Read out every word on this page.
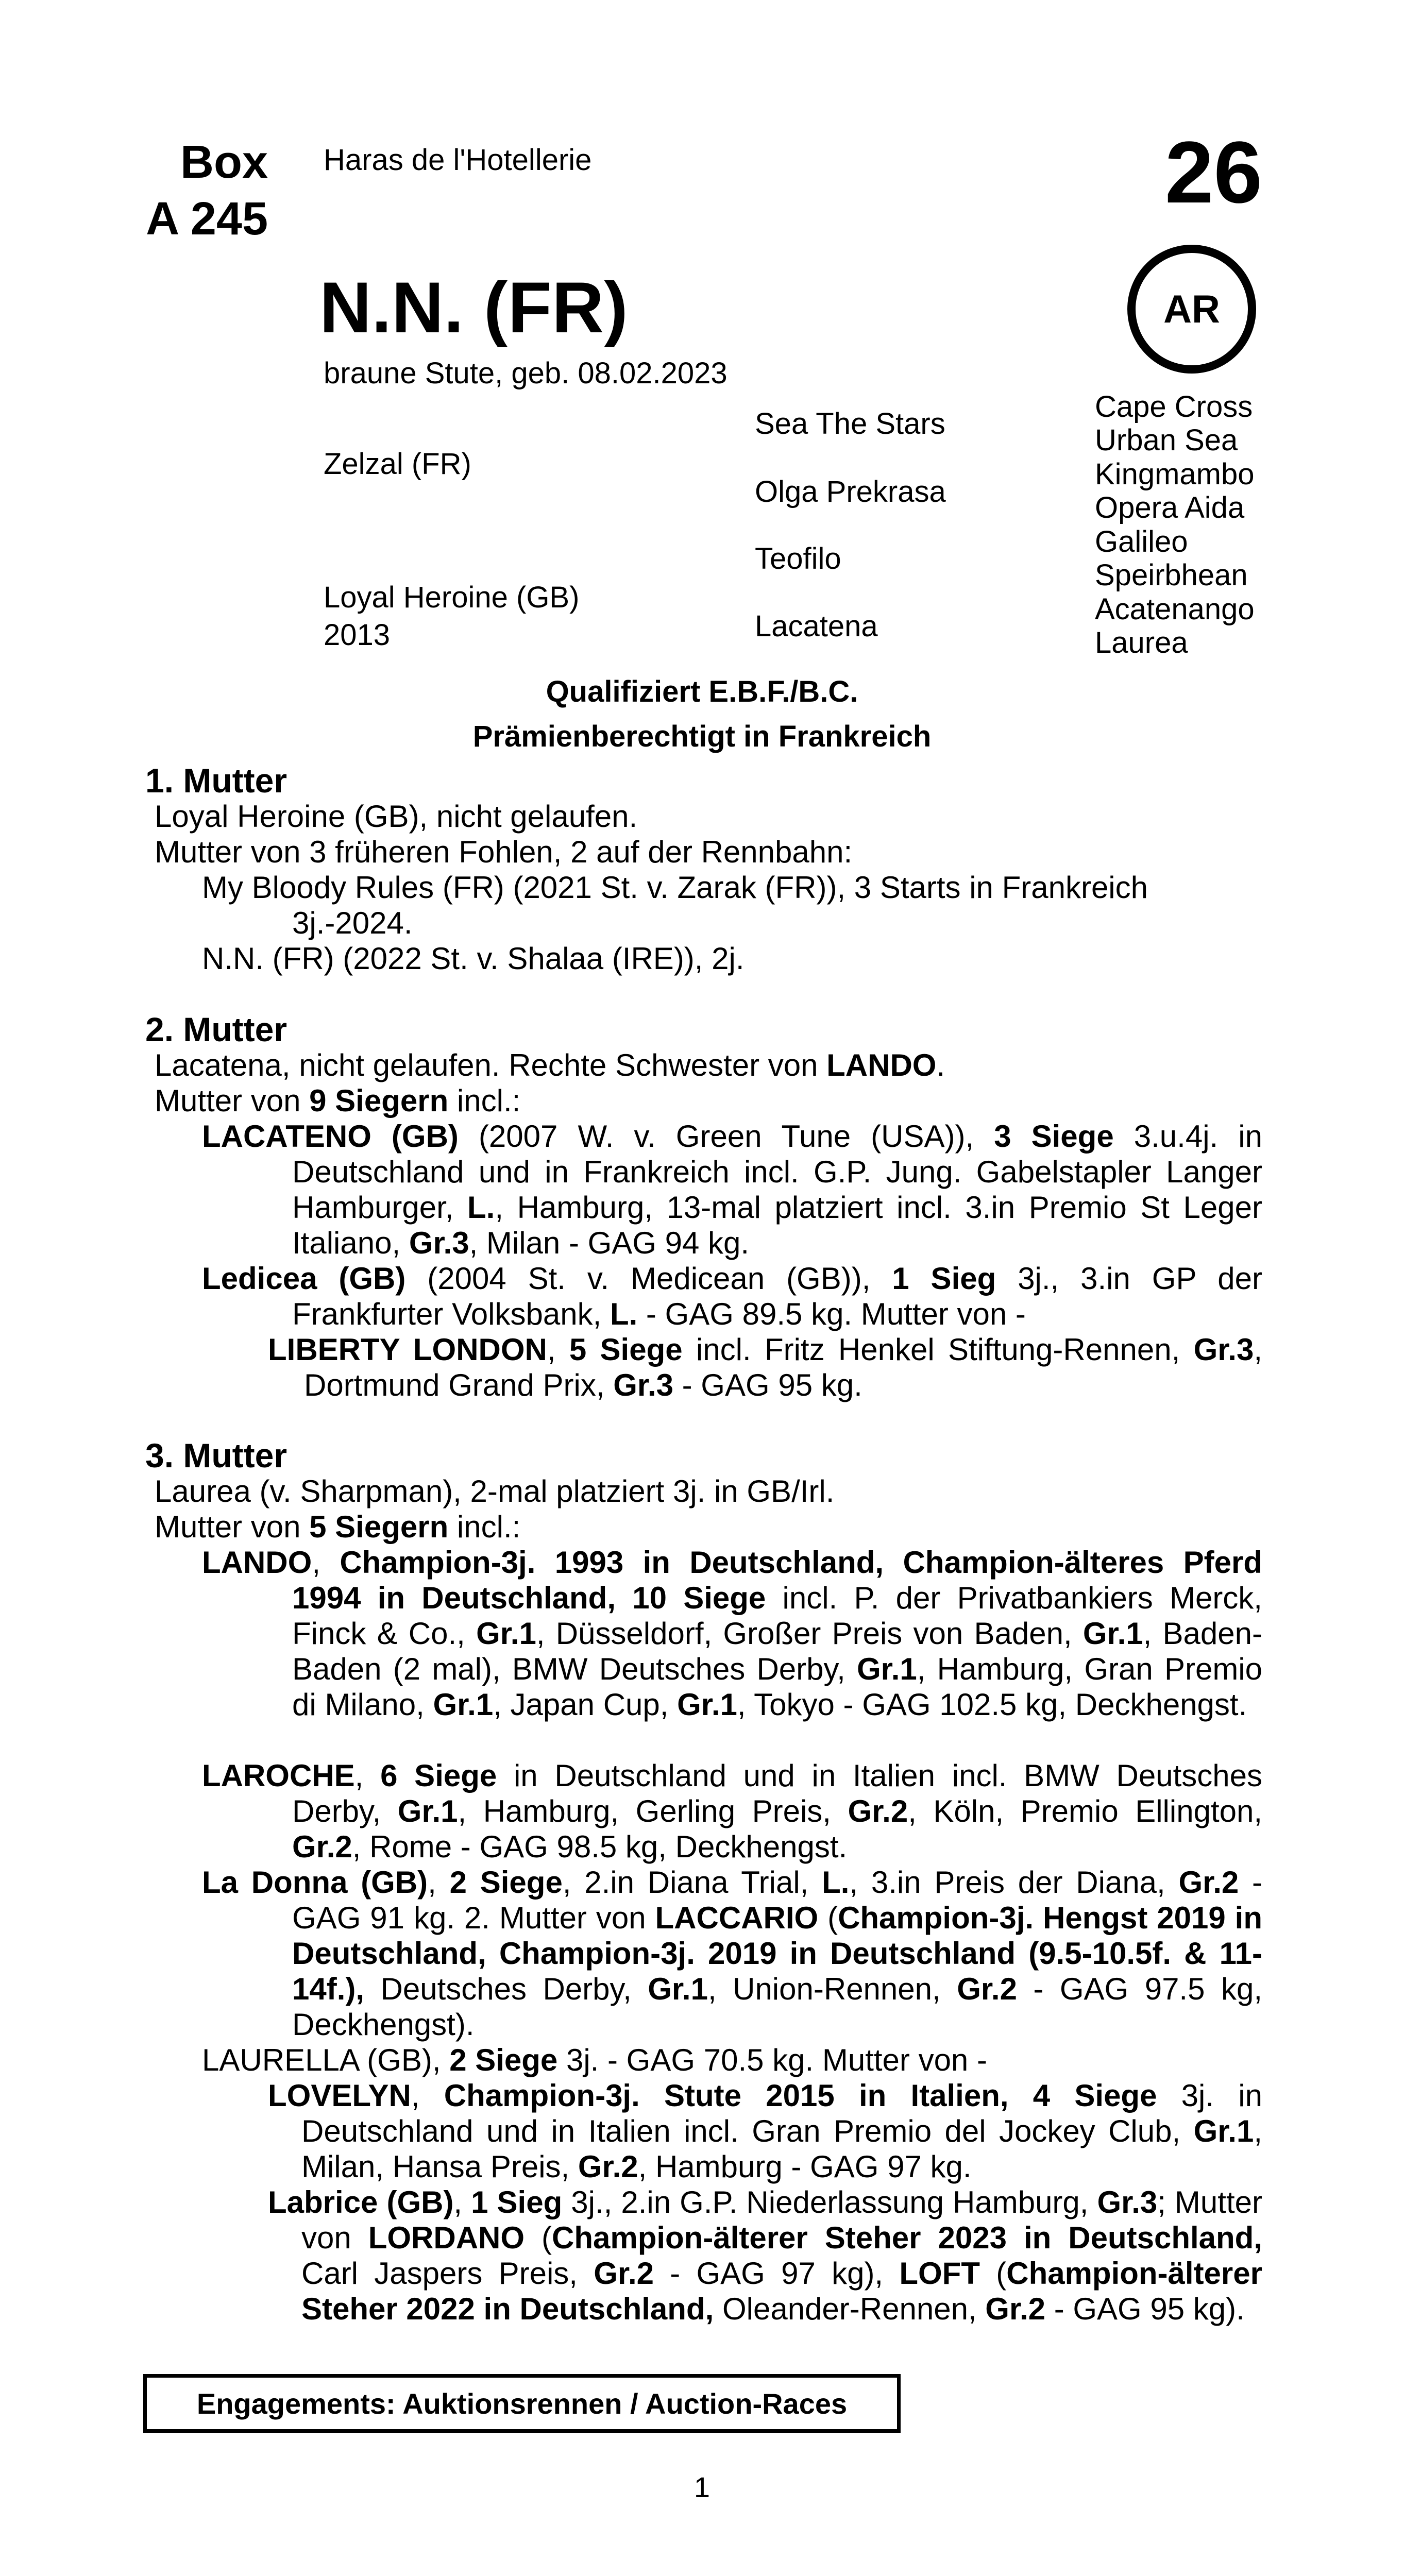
Box
A 245
Haras de l'Hotellerie	26
AR
N.N. (FR)
braune Stute, geb. 08.02.2023
Zelzal (FR)
Loyal Heroine (GB)
2013
Sea The Stars
Olga Prekrasa
Teofilo
Lacatena
Cape Cross
Urban Sea
Kingmambo
Opera Aida
Galileo
Speirbhean
Acatenango
Laurea
Qualifiziert E.B.F./B.C.
Prämienberechtigt in Frankreich
1. Mutter
Loyal Heroine (GB), nicht gelaufen.
Mutter von 3 früheren Fohlen, 2 auf der Rennbahn:
My Bloody Rules (FR) (2021 St. v. Zarak (FR)), 3 Starts in Frankreich 3j.-2024.
N.N. (FR) (2022 St. v. Shalaa (IRE)), 2j.
2. Mutter
Lacatena, nicht gelaufen. Rechte Schwester von LANDO.
Mutter von 9 Siegern incl.:
LACATENO (GB) (2007 W. v. Green Tune (USA)), 3 Siege 3.u.4j. in Deutschland und in Frankreich incl. G.P. Jung. Gabelstapler Langer Hamburger, L., Hamburg, 13-mal platziert incl. 3.in Premio St Leger Italiano, Gr.3, Milan - GAG 94 kg.
Ledicea (GB) (2004 St. v. Medicean (GB)), 1 Sieg 3j., 3.in GP der Frankfurter Volksbank, L. - GAG 89.5 kg. Mutter von -
LIBERTY LONDON, 5 Siege incl. Fritz Henkel Stiftung-Rennen, Gr.3, Dortmund Grand Prix, Gr.3 - GAG 95 kg.
3. Mutter
Laurea (v. Sharpman), 2-mal platziert 3j. in GB/Irl.
Mutter von 5 Siegern incl.:
LANDO, Champion-3j. 1993 in Deutschland, Champion-älteres Pferd 1994 in Deutschland, 10 Siege incl. P. der Privatbankiers Merck, Finck & Co., Gr.1, Düsseldorf, Großer Preis von Baden, Gr.1, Baden-Baden (2 mal), BMW Deutsches Derby, Gr.1, Hamburg, Gran Premio di Milano, Gr.1, Japan Cup, Gr.1, Tokyo - GAG 102.5 kg, Deckhengst.
LAROCHE, 6 Siege in Deutschland und in Italien incl. BMW Deutsches Derby, Gr.1, Hamburg, Gerling Preis, Gr.2, Köln, Premio Ellington, Gr.2, Rome - GAG 98.5 kg, Deckhengst.
La Donna (GB), 2 Siege, 2.in Diana Trial, L., 3.in Preis der Diana, Gr.2 - GAG 91 kg. 2. Mutter von LACCARIO (Champion-3j. Hengst 2019 in Deutschland, Champion-3j. 2019 in Deutschland (9.5-10.5f. & 11-14f.), Deutsches Derby, Gr.1, Union-Rennen, Gr.2 - GAG 97.5 kg, Deckhengst).
LAURELLA (GB), 2 Siege 3j. - GAG 70.5 kg. Mutter von -
LOVELYN, Champion-3j. Stute 2015 in Italien, 4 Siege 3j. in Deutschland und in Italien incl. Gran Premio del Jockey Club, Gr.1, Milan, Hansa Preis, Gr.2, Hamburg - GAG 97 kg.
Labrice (GB), 1 Sieg 3j., 2.in G.P. Niederlassung Hamburg, Gr.3; Mutter von LORDANO (Champion-älterer Steher 2023 in Deutschland, Carl Jaspers Preis, Gr.2 - GAG 97 kg), LOFT (Champion-älterer Steher 2022 in Deutschland, Oleander-Rennen, Gr.2 - GAG 95 kg).
Engagements: Auktionsrennen / Auction-Races
1
